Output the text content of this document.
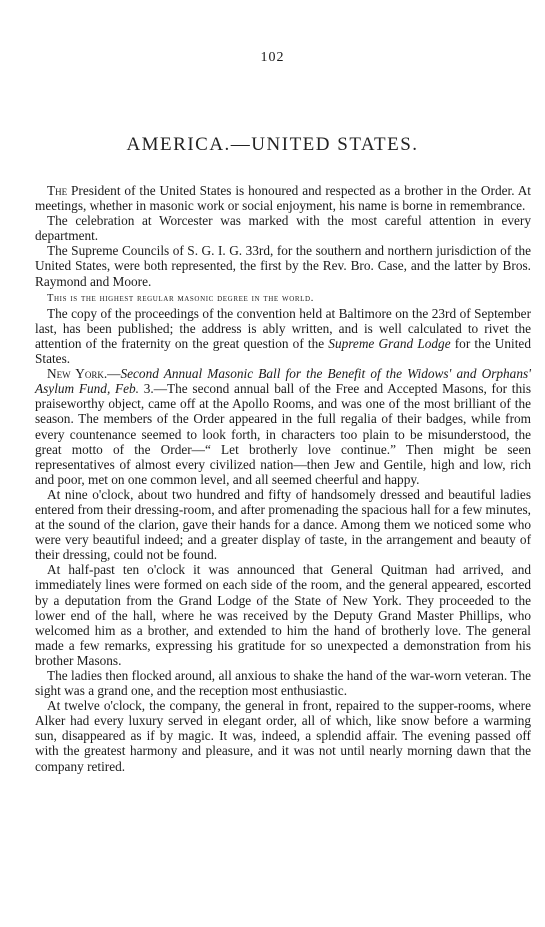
102
AMERICA.—UNITED STATES.

The President of the United States is honoured and respected as a brother in the Order. At meetings, whether in masonic work or social enjoyment, his name is borne in remembrance.

The celebration at Worcester was marked with the most careful attention in every department.

The Supreme Councils of S. G. I. G. 33rd, for the southern and northern jurisdiction of the United States, were both represented, the first by the Rev. Bro. Case, and the latter by Bros. Raymond and Moore.

This is the highest regular masonic degree in the world.

The copy of the proceedings of the convention held at Baltimore on the 23rd of September last, has been published; the address is ably written, and is well calculated to rivet the attention of the fraternity on the great question of the Supreme Grand Lodge for the United States.

New York.—Second Annual Masonic Ball for the Benefit of the Widows' and Orphans' Asylum Fund, Feb. 3.—The second annual ball of the Free and Accepted Masons, for this praiseworthy object, came off at the Apollo Rooms, and was one of the most brilliant of the season. The members of the Order appeared in the full regalia of their badges, while from every countenance seemed to look forth, in characters too plain to be misunderstood, the great motto of the Order—“ Let brotherly love continue.” Then might be seen representatives of almost every civilized nation—then Jew and Gentile, high and low, rich and poor, met on one common level, and all seemed cheerful and happy.

At nine o'clock, about two hundred and fifty of handsomely dressed and beautiful ladies entered from their dressing-room, and after promenading the spacious hall for a few minutes, at the sound of the clarion, gave their hands for a dance. Among them we noticed some who were very beautiful indeed; and a greater display of taste, in the arrangement and beauty of their dressing, could not be found.

At half-past ten o'clock it was announced that General Quitman had arrived, and immediately lines were formed on each side of the room, and the general appeared, escorted by a deputation from the Grand Lodge of the State of New York. They proceeded to the lower end of the hall, where he was received by the Deputy Grand Master Phillips, who welcomed him as a brother, and extended to him the hand of brotherly love. The general made a few remarks, expressing his gratitude for so unexpected a demonstration from his brother Masons.

The ladies then flocked around, all anxious to shake the hand of the war-worn veteran. The sight was a grand one, and the reception most enthusiastic.

At twelve o'clock, the company, the general in front, repaired to the supper-rooms, where Alker had every luxury served in elegant order, all of which, like snow before a warming sun, disappeared as if by magic. It was, indeed, a splendid affair. The evening passed off with the greatest harmony and pleasure, and it was not until nearly morning dawn that the company retired.
